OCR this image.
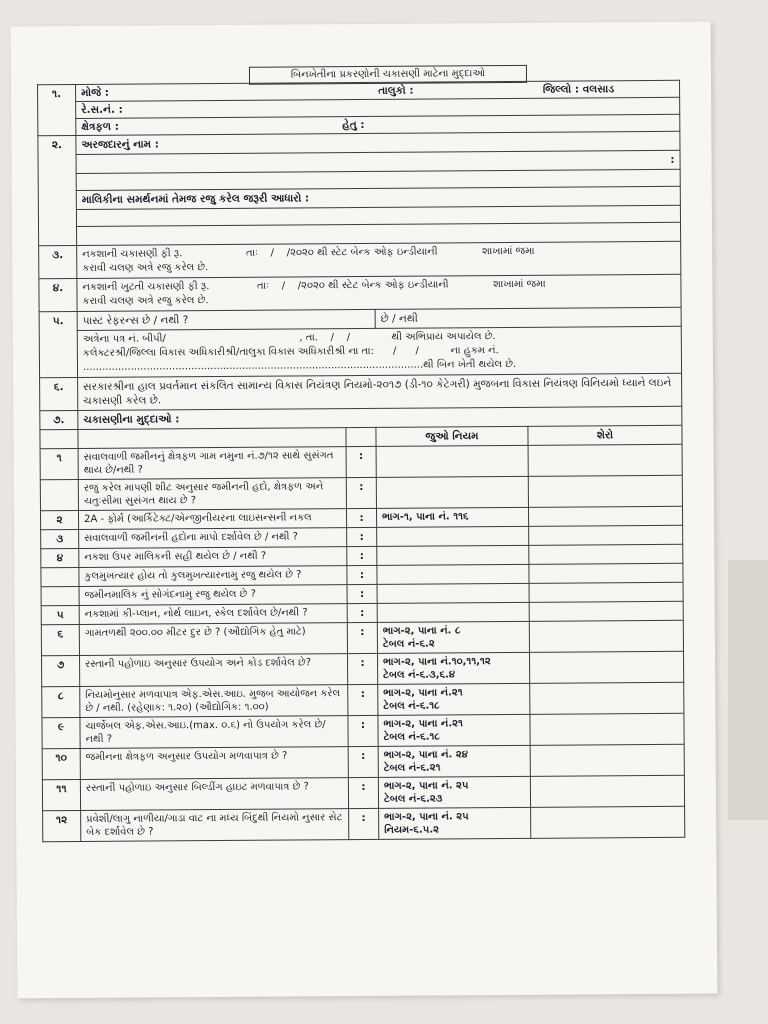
બિનખેતીના પ્રકરણોની ચકાસણી માટેના મુદ્દાઓ
૧.	મોજે : તાલુકો : જિલ્લો : વલસાડ			

	રે.સ.નં. :			
	ક્ષેત્રફળ : હેતુ :			
૨.	અરજદારનું નામ :			
	:			

	માલિકીના સમર્થનમાં તેમજ રજુ કરેલ જરૂરી આધારો :			

૩.	નકશાની ચકાસણી ફી રૂ.                    તાઃ    /    /૨૦૨૦ થી સ્ટેટ બેન્ક ઓફ ઇન્ડીયાની              શાખામાં જમા
કરાવી ચલણ અત્રે રજુ કરેલ છે.			

૪.	નકશાની ખુટતી ચકાસણી ફી રૂ.               તાઃ    /    /૨૦૨૦ થી સ્ટેટ બેન્ક ઓફ ઇન્ડીયાની              શાખામાં જમા
કરાવી ચલણ અત્રે રજુ કરેલ છે.			

૫.	પાસ્ટ રેફરન્સ છે / નથી ?		છે / નથી	

	અત્રેના પત્ર નં. બીપી/                                          , તા.    /    /             થી અભિપ્રાય અપાયેલ છે.
કલેક્ટરશ્રી/જિલ્લા વિકાસ અધિકારીશ્રી/તાલુકા વિકાસ અધિકારીશ્રી ના તા:      /      /          ના હુકમ નં.
...........................................................................................................થી બિન ખેતી થયેલ છે.			

૬.	સરકારશ્રીના હાલ પ્રવર્તમાન સંકલિત સામાન્ય વિકાસ નિયંત્રણ નિયમો-૨૦૧૭ (ડી-૧૦ કેટેગરી) મુજબના વિકાસ નિયંત્રણ વિનિયમો ધ્યાને લઇને ચકાસણી કરેલ છે.			
૭.	ચકાસણીના મુદ્દાઓ :			
			જુઓ નિયમ	શેરો
૧	સવાલવાળી જમીનનું ક્ષેત્રફળ ગામ નમુના નં.૭/૧૨ સાથે સુસંગત થાય છે/નથી ?	:		
	રજુ કરેલ માપણી શીટ અનુસાર જમીનની હદો, ક્ષેત્રફળ અને ચતુઃસીમા સુસંગત થાય છે ?	:		
૨	2A - ફોર્મ (આર્કિટેક્ટ/એન્જીનીયરના લાઇસન્સની નકલ	:	ભાગ-૧, પાના નં. ૧૧૬	
૩	સવાલવાળી જમીનની હદોના માપો દર્શાવેલ છે / નથી ?	:		
૪	નકશા ઉપર માલિકની સહી થયેલ છે / નથી ?	:		
	કુલમુખત્યાર હોય તો કુલમુખત્યારનામુ રજુ થયેલ છે ?	:		
	જમીનમાલિક નું સોગંદનામુ રજુ થયેલ છે ?	:		
૫	નકશામાં કી-પ્લાન, નોર્થ લાઇન, સ્કેલ દર્શાવેલ છે/નથી ?	:		
૬	ગામતળથી ૨૦૦.૦૦ મીટર દુર છે ? (ઔદ્યોગિક હેતુ માટે)	:	ભાગ-૨, પાના નં. ૮
ટેબલ નં-૬.૨	
૭	રસ્તાની પહોળાઇ અનુસાર ઉપયોગ અને કોડ દર્શાવેલ છે?	:	ભાગ-૨, પાના નં.૧૦,૧૧,૧૨
ટેબલ નં-૬.૩,૬.૪	
૮	નિયમોનુસાર મળવાપાત્ર એફ.એસ.આઇ. મુજબ આયોજન કરેલ છે / નથી. (રહેણાક: ૧.૨૦) (ઔદ્યોગિક: ૧.૦૦)	:	ભાગ-૨, પાના નં.૨૧
ટેબલ નં-૬.૧૮	
૯	ચાર્જેબલ એફ.એસ.આઇ.(max. ૦.૬) નો ઉપયોગ કરેલ છે/નથી ?	:	ભાગ-૨, પાના નં.૨૧
ટેબલ નં-૬.૧૮	
૧૦	જમીનના ક્ષેત્રફળ અનુસાર ઉપયોગ મળવાપાત્ર છે ?	:	ભાગ-૨, પાના નં. ૨૪
ટેબલ નં-૬.૨૧	
૧૧	રસ્તાની પહોળાઇ અનુસાર બિલ્ડીંગ હાઇટ મળવાપાત્ર છે ?	:	ભાગ-૨, પાના નં. ૨૫
ટેબલ નં-૬.૨૩	
૧૨	પ્રવેશી/લાગુ નાળીયા/ગાડા વાટ ના મધ્ય બિંદુથી નિયમો નુસાર સેટ બેક દર્શાવેલ છે ?	:	ભાગ-૨, પાના નં. ૨૫
નિયમ-૬.૫.૨	
